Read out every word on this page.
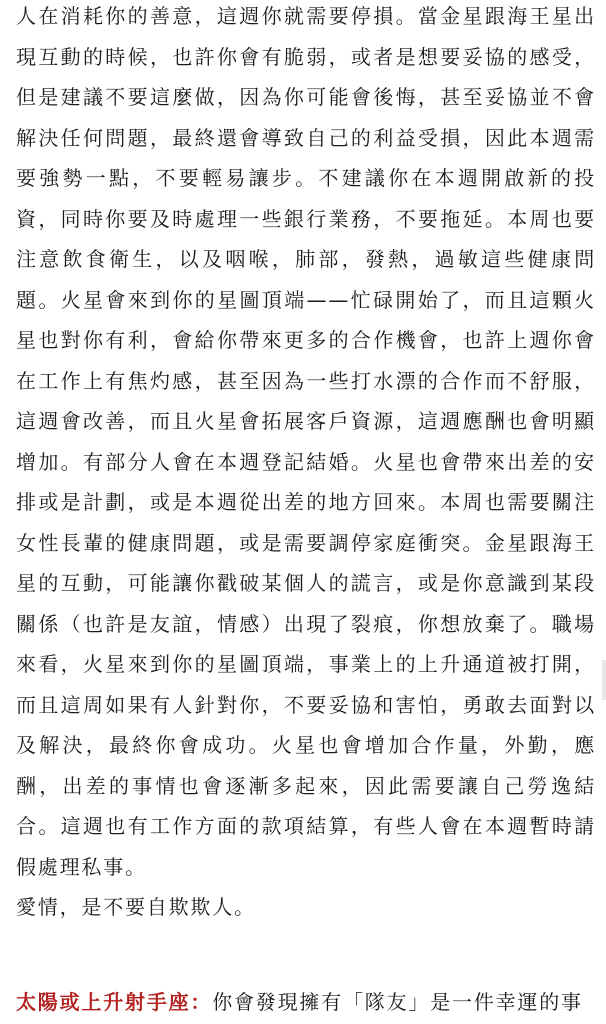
人在消耗你的善意，這週你就需要停損。當金星跟海王星出現互動的時候，也許你會有脆弱，或者是想要妥協的感受，但是建議不要這麼做，因為你可能會後悔，甚至妥協並不會解決任何問題，最終還會導致自己的利益受損，因此本週需要強勢一點，不要輕易讓步。不建議你在本週開啟新的投資，同時你要及時處理一些銀行業務，不要拖延。本周也要注意飲食衛生，以及咽喉，肺部，發熱，過敏這些健康問題。火星會來到你的星圖頂端——忙碌開始了，而且這顆火星也對你有利，會給你帶來更多的合作機會，也許上週你會在工作上有焦灼感，甚至因為一些打水漂的合作而不舒服，這週會改善，而且火星會拓展客戶資源，這週應酬也會明顯增加。有部分人會在本週登記結婚。火星也會帶來出差的安排或是計劃，或是本週從出差的地方回來。本周也需要關注女性長輩的健康問題，或是需要調停家庭衝突。金星跟海王星的互動，可能讓你戳破某個人的謊言，或是你意識到某段關係（也許是友誼，情感）出現了裂痕，你想放棄了。職場來看，火星來到你的星圖頂端，事業上的上升通道被打開，而且這周如果有人針對你，不要妥協和害怕，勇敢去面對以及解決，最終你會成功。火星也會增加合作量，外勤，應酬，出差的事情也會逐漸多起來，因此需要讓自己勞逸結合。這週也有工作方面的款項結算，有些人會在本週暫時請假處理私事。

愛情，是不要自欺欺人。

太陽或上升射手座：你會發現擁有「隊友」是一件幸運的事
